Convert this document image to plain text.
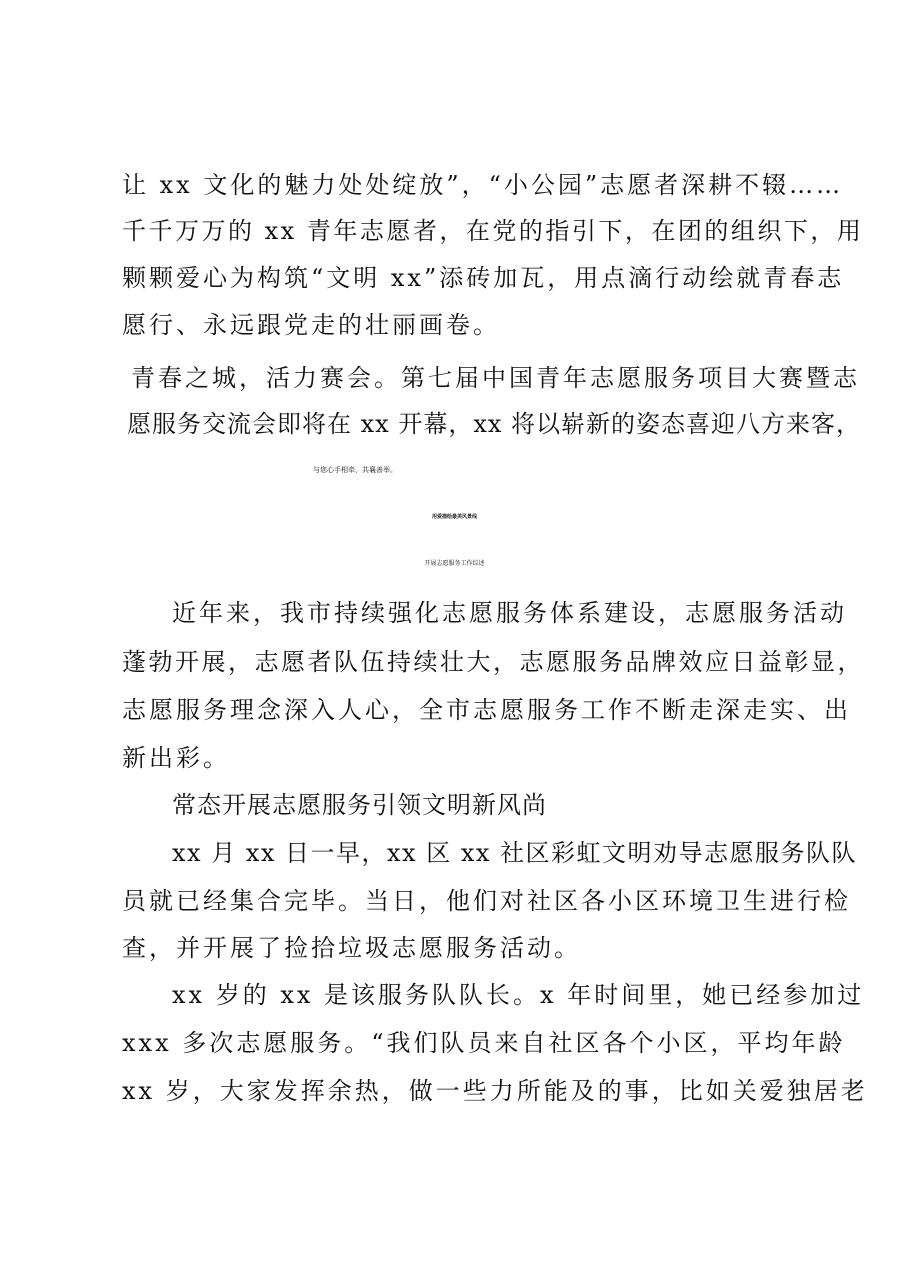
让 xx 文化的魅力处处绽放”，“小公园”志愿者深耕不辍……
千千万万的 xx 青年志愿者，在党的指引下，在团的组织下，用
颗颗爱心为构筑“文明 xx”添砖加瓦，用点滴行动绘就青春志
愿行、永远跟党走的壮丽画卷。
青春之城，活力赛会。第七届中国青年志愿服务项目大赛暨志
愿服务交流会即将在 xx 开幕，xx 将以崭新的姿态喜迎八方来客，
与您心手相牵，共襄善举。
用爱描绘最美风景线
开展志愿服务工作综述
近年来，我市持续强化志愿服务体系建设，志愿服务活动
蓬勃开展，志愿者队伍持续壮大，志愿服务品牌效应日益彰显，
志愿服务理念深入人心，全市志愿服务工作不断走深走实、出
新出彩。
常态开展志愿服务引领文明新风尚
xx 月 xx 日一早，xx 区 xx 社区彩虹文明劝导志愿服务队队
员就已经集合完毕。当日，他们对社区各小区环境卫生进行检
查，并开展了捡拾垃圾志愿服务活动。
xx 岁的 xx 是该服务队队长。x 年时间里，她已经参加过
xxx 多次志愿服务。“我们队员来自社区各个小区，平均年龄
xx 岁，大家发挥余热，做一些力所能及的事，比如关爱独居老
